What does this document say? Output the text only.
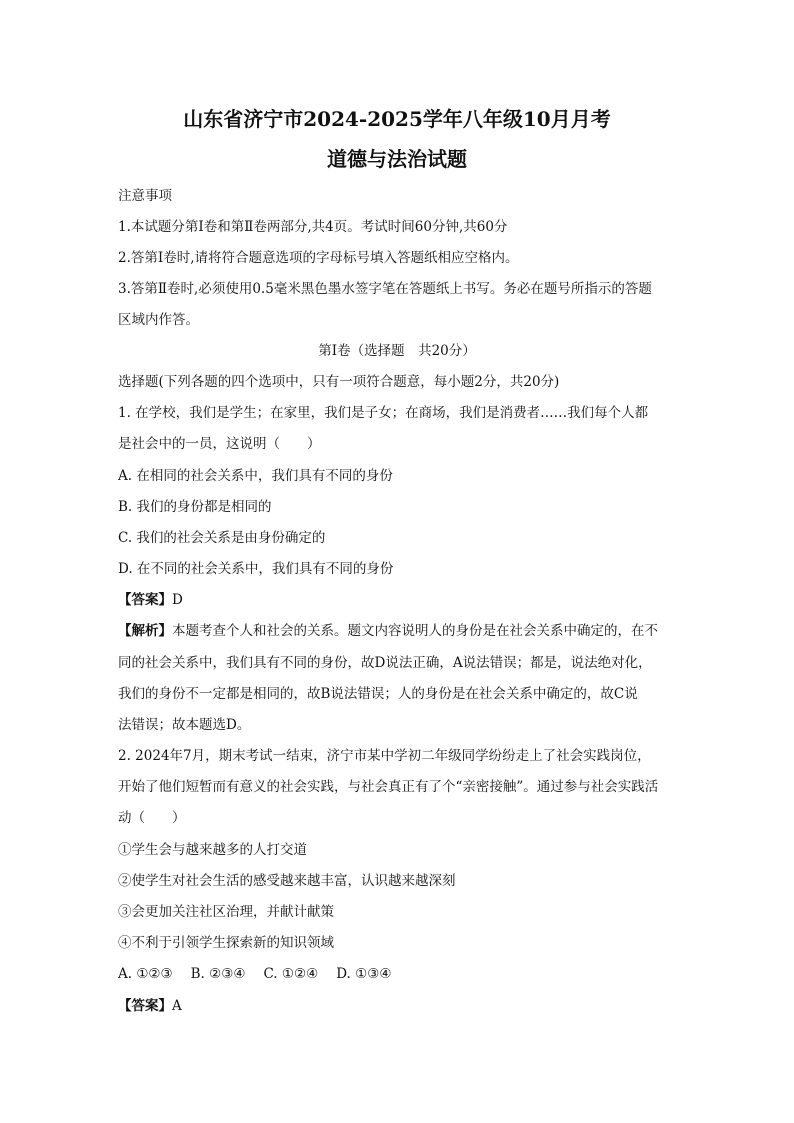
山东省济宁市2024-2025学年八年级10月月考
道德与法治试题
注意事项
1.本试题分第Ⅰ卷和第Ⅱ卷两部分,共4页。考试时间60分钟,共60分
2.答第Ⅰ卷时,请将符合题意选项的字母标号填入答题纸相应空格内。
3.答第Ⅱ卷时,必须使用0.5毫米黑色墨水签字笔在答题纸上书写。务必在题号所指示的答题
区域内作答。
第Ⅰ卷（选择题　共20分）
选择题(下列各题的四个选项中，只有一项符合题意，每小题2分，共20分)
1. 在学校，我们是学生；在家里，我们是子女；在商场，我们是消费者……我们每个人都
是社会中的一员，这说明（　　）
A. 在相同的社会关系中，我们具有不同的身份
B. 我们的身份都是相同的
C. 我们的社会关系是由身份确定的
D. 在不同的社会关系中，我们具有不同的身份
【答案】D
【解析】本题考查个人和社会的关系。题文内容说明人的身份是在社会关系中确定的，在不
同的社会关系中，我们具有不同的身份，故D说法正确，A说法错误；都是，说法绝对化，
我们的身份不一定都是相同的，故B说法错误；人的身份是在社会关系中确定的，故C说
法错误；故本题选D。
2. 2024年7月，期末考试一结束，济宁市某中学初二年级同学纷纷走上了社会实践岗位，
开始了他们短暂而有意义的社会实践，与社会真正有了个“亲密接触”。通过参与社会实践活
动（　　）
①学生会与越来越多的人打交道
②使学生对社会生活的感受越来越丰富，认识越来越深刻
③会更加关注社区治理，并献计献策
④不利于引领学生探索新的知识领域
A. ①②③ B. ②③④ C. ①②④ D. ①③④
【答案】A
